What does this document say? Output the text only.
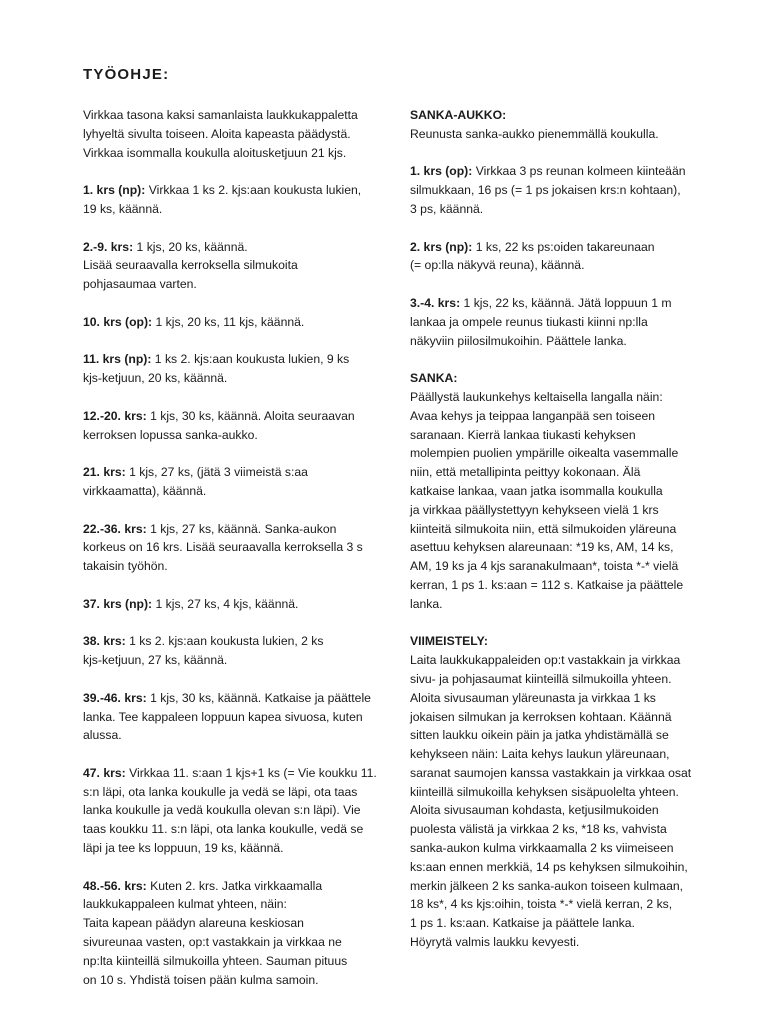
TYÖOHJE:

Virkkaa tasona kaksi samanlaista laukkukappaletta
lyhyeltä sivulta toiseen. Aloita kapeasta päädystä.
Virkkaa isommalla koukulla aloitusketjuun 21 kjs.

1. krs (np): Virkkaa 1 ks 2. kjs:aan koukusta lukien,
19 ks, käännä.

2.-9. krs: 1 kjs, 20 ks, käännä.
Lisää seuraavalla kerroksella silmukoita
pohjasaumaa varten.

10. krs (op): 1 kjs, 20 ks, 11 kjs, käännä.

11. krs (np): 1 ks 2. kjs:aan koukusta lukien, 9 ks
kjs-ketjuun, 20 ks, käännä.

12.-20. krs: 1 kjs, 30 ks, käännä. Aloita seuraavan
kerroksen lopussa sanka-aukko.

21. krs: 1 kjs, 27 ks, (jätä 3 viimeistä s:aa
virkkaamatta), käännä.

22.-36. krs: 1 kjs, 27 ks, käännä. Sanka-aukon
korkeus on 16 krs. Lisää seuraavalla kerroksella 3 s
takaisin työhön.

37. krs (np): 1 kjs, 27 ks, 4 kjs, käännä.

38. krs: 1 ks 2. kjs:aan koukusta lukien, 2 ks
kjs-ketjuun, 27 ks, käännä.

39.-46. krs: 1 kjs, 30 ks, käännä. Katkaise ja päättele
lanka. Tee kappaleen loppuun kapea sivuosa, kuten
alussa.

47. krs: Virkkaa 11. s:aan 1 kjs+1 ks (= Vie koukku 11.
s:n läpi, ota lanka koukulle ja vedä se läpi, ota taas
lanka koukulle ja vedä koukulla olevan s:n läpi). Vie
taas koukku 11. s:n läpi, ota lanka koukulle, vedä se
läpi ja tee ks loppuun, 19 ks, käännä.

48.-56. krs: Kuten 2. krs. Jatka virkkaamalla
laukkukappaleen kulmat yhteen, näin:
Taita kapean päädyn alareuna keskiosan
sivureunaa vasten, op:t vastakkain ja virkkaa ne
np:lta kiinteillä silmukoilla yhteen. Sauman pituus
on 10 s. Yhdistä toisen pään kulma samoin.

SANKA-AUKKO:
Reunusta sanka-aukko pienemmällä koukulla.

1. krs (op): Virkkaa 3 ps reunan kolmeen kiinteään
silmukkaan, 16 ps (= 1 ps jokaisen krs:n kohtaan),
3 ps, käännä.

2. krs (np): 1 ks, 22 ks ps:oiden takareunaan
(= op:lla näkyvä reuna), käännä.

3.-4. krs: 1 kjs, 22 ks, käännä. Jätä loppuun 1 m
lankaa ja ompele reunus tiukasti kiinni np:lla
näkyviin piilosilmukoihin. Päättele lanka.

SANKA:
Päällystä laukunkehys keltaisella langalla näin:
Avaa kehys ja teippaa langanpää sen toiseen
saranaan. Kierrä lankaa tiukasti kehyksen
molempien puolien ympärille oikealta vasemmalle
niin, että metallipinta peittyy kokonaan. Älä
katkaise lankaa, vaan jatka isommalla koukulla
ja virkkaa päällystettyyn kehykseen vielä 1 krs
kiinteitä silmukoita niin, että silmukoiden yläreuna
asettuu kehyksen alareunaan: *19 ks, AM, 14 ks,
AM, 19 ks ja 4 kjs saranakulmaan*, toista *-* vielä
kerran, 1 ps 1. ks:aan = 112 s. Katkaise ja päättele
lanka.

VIIMEISTELY:
Laita laukkukappaleiden op:t vastakkain ja virkkaa
sivu- ja pohjasaumat kiinteillä silmukoilla yhteen.
Aloita sivusauman yläreunasta ja virkkaa 1 ks
jokaisen silmukan ja kerroksen kohtaan. Käännä
sitten laukku oikein päin ja jatka yhdistämällä se
kehykseen näin: Laita kehys laukun yläreunaan,
saranat saumojen kanssa vastakkain ja virkkaa osat
kiinteillä silmukoilla kehyksen sisäpuolelta yhteen.
Aloita sivusauman kohdasta, ketjusilmukoiden
puolesta välistä ja virkkaa 2 ks, *18 ks, vahvista
sanka-aukon kulma virkkaamalla 2 ks viimeiseen
ks:aan ennen merkkiä, 14 ps kehyksen silmukoihin,
merkin jälkeen 2 ks sanka-aukon toiseen kulmaan,
18 ks*, 4 ks kjs:oihin, toista *-* vielä kerran, 2 ks,
1 ps 1. ks:aan. Katkaise ja päättele lanka.
Höyrytä valmis laukku kevyesti.
